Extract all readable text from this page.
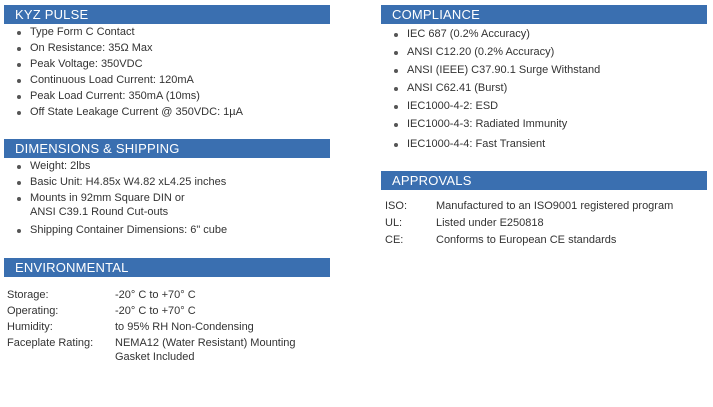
KYZ PULSE
Type Form C Contact
On Resistance: 35Ω Max
Peak Voltage: 350VDC
Continuous Load Current: 120mA
Peak Load Current: 350mA (10ms)
Off State Leakage Current @ 350VDC: 1µA
DIMENSIONS & SHIPPING
Weight: 2lbs
Basic Unit: H4.85x W4.82 xL4.25 inches
Mounts in 92mm Square DIN or
ANSI C39.1 Round Cut-outs
Shipping Container Dimensions: 6" cube
ENVIRONMENTAL
Storage:	-20° C to +70° C
Operating:	-20° C to +70° C
Humidity:	to 95% RH Non-Condensing
Faceplate Rating: NEMA12 (Water Resistant) Mounting
Gasket Included
COMPLIANCE
IEC 687 (0.2% Accuracy)
ANSI C12.20 (0.2% Accuracy)
ANSI (IEEE) C37.90.1 Surge Withstand
ANSI C62.41 (Burst)
IEC1000-4-2: ESD
IEC1000-4-3: Radiated Immunity
IEC1000-4-4: Fast Transient
APPROVALS
ISO:	Manufactured to an ISO9001 registered program
UL:	Listed under E250818
CE:	Conforms to European CE standards
